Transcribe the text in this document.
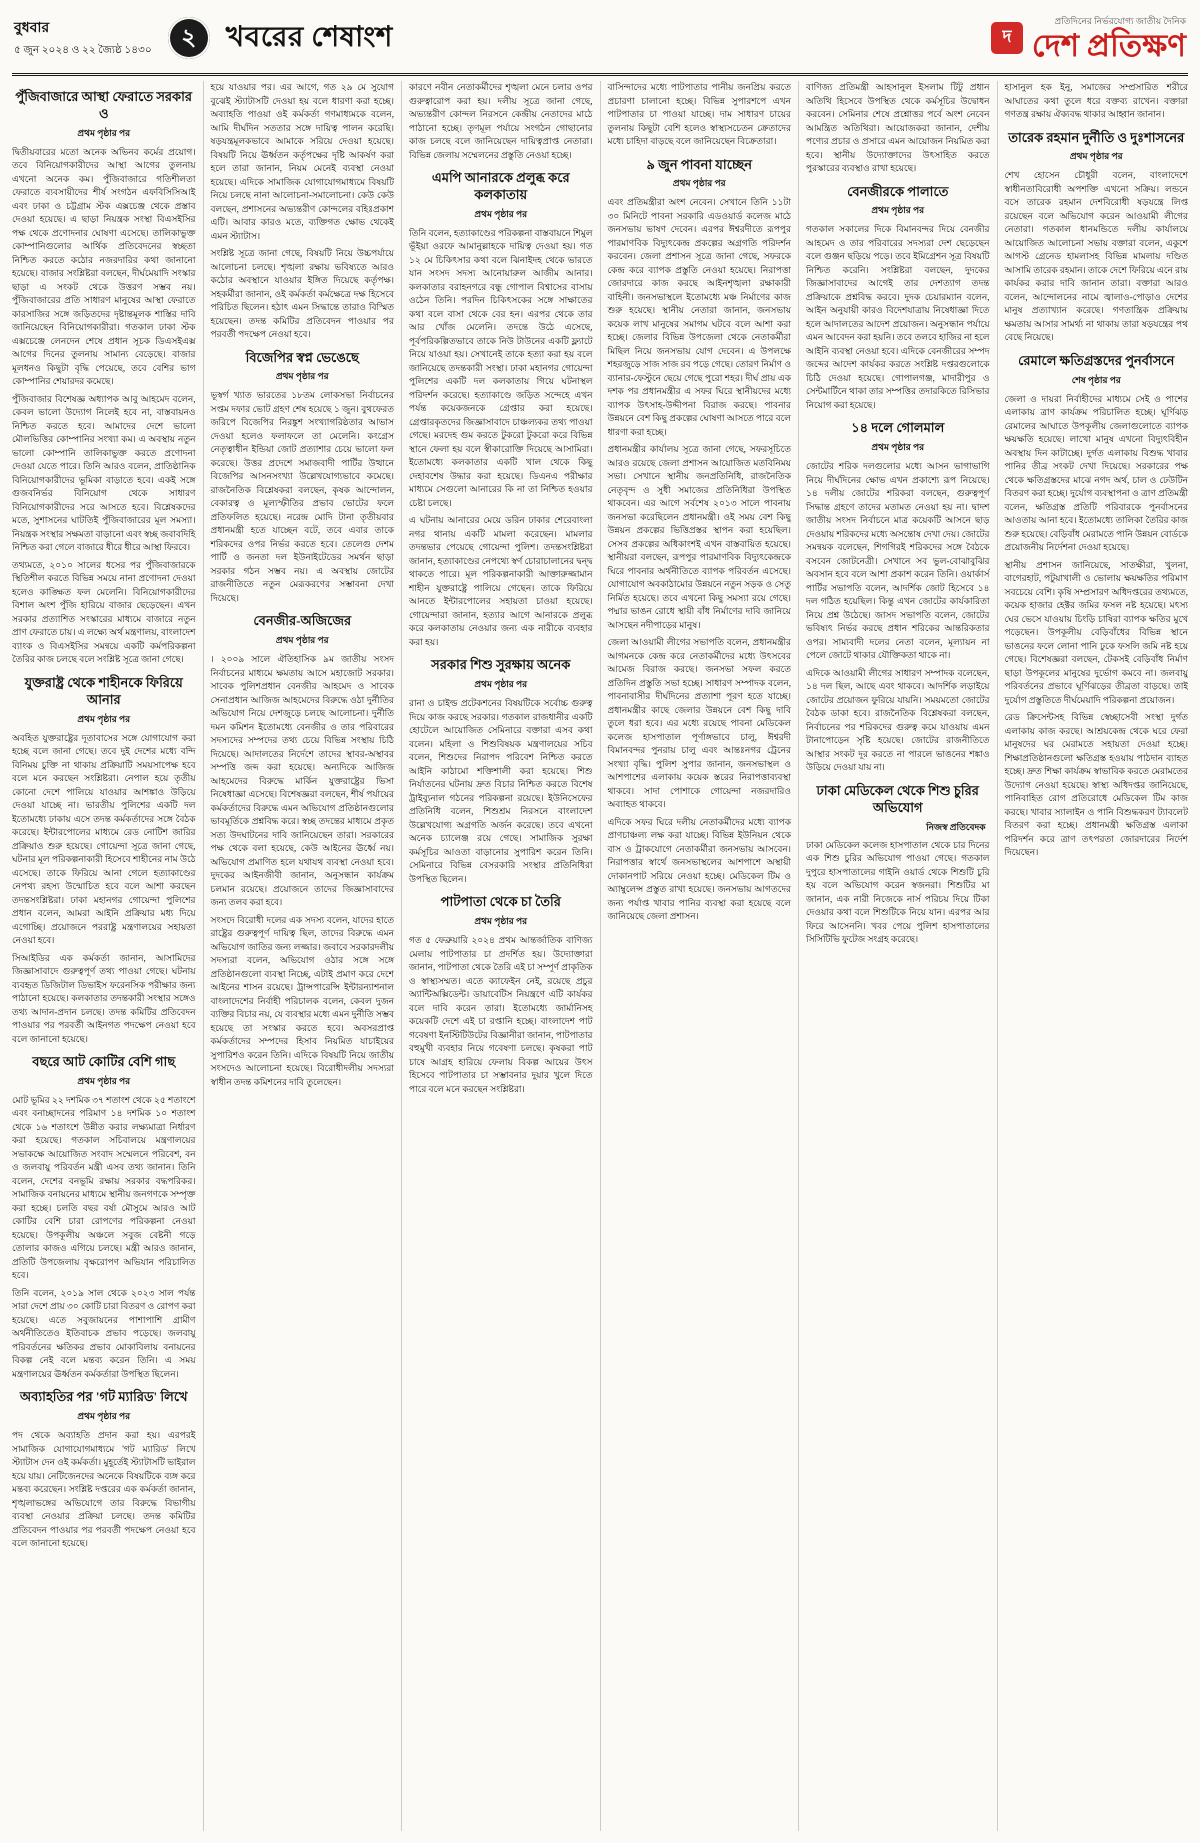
বুধবার
৫ জুন ২০২৪ ও ২২ জ্যৈষ্ঠ ১৪৩০
২ খবরের শেষাংশ	দ
প্রতিদিনের নির্ভরযোগ্য জাতীয় দৈনিক
দেশ প্রতিক্ষণ
পুঁজিবাজারে আস্থা ফেরাতে সরকার ও
প্রথম পৃষ্ঠার পর
দ্বিতীয়বারের মতো অনেক অভিনব কর্মের প্রয়োগ। তবে বিনিয়োগকারীদের আস্থা আগের তুলনায় এখনো অনেক কম। পুঁজিবাজারে গতিশীলতা ফেরাতে ব্যবসায়ীদের শীর্ষ সংগঠন এফবিসিসিআই এবং ঢাকা ও চট্টগ্রাম স্টক এক্সচেঞ্জ থেকে প্রস্তাব দেওয়া হয়েছে। এ ছাড়া নিয়ন্ত্রক সংস্থা বিএসইসির পক্ষ থেকে প্রণোদনার ঘোষণা এসেছে। তালিকাভুক্ত কোম্পানিগুলোর আর্থিক প্রতিবেদনের স্বচ্ছতা নিশ্চিত করতে কঠোর নজরদারির কথা জানানো হয়েছে। বাজার সংশ্লিষ্টরা বলছেন, দীর্ঘমেয়াদি সংস্কার ছাড়া এ সংকট থেকে উত্তরণ সম্ভব নয়। পুঁজিবাজারের প্রতি সাধারণ মানুষের আস্থা ফেরাতে কারসাজির সঙ্গে জড়িতদের দৃষ্টান্তমূলক শাস্তির দাবি জানিয়েছেন বিনিয়োগকারীরা। গতকাল ঢাকা স্টক এক্সচেঞ্জে লেনদেন শেষে প্রধান সূচক ডিএসইএক্স আগের দিনের তুলনায় সামান্য বেড়েছে। বাজার মূলধনও কিছুটা বৃদ্ধি পেয়েছে, তবে বেশির ভাগ কোম্পানির শেয়ারদর কমেছে।
পুঁজিবাজার বিশেষজ্ঞ অধ্যাপক আবু আহমেদ বলেন, কেবল ভালো উদ্যোগ নিলেই হবে না, বাস্তবায়নও নিশ্চিত করতে হবে। আমাদের দেশে ভালো মৌলভিত্তির কোম্পানির সংখ্যা কম। এ অবস্থায় নতুন ভালো কোম্পানি তালিকাভুক্ত করতে প্রণোদনা দেওয়া যেতে পারে। তিনি আরও বলেন, প্রাতিষ্ঠানিক বিনিয়োগকারীদের ভূমিকা বাড়াতে হবে। একই সঙ্গে গুজবনির্ভর বিনিয়োগ থেকে সাধারণ বিনিয়োগকারীদের সরে আসতে হবে। বিশ্লেষকদের মতে, সুশাসনের ঘাটতিই পুঁজিবাজারের মূল সমস্যা। নিয়ন্ত্রক সংস্থার সক্ষমতা বাড়ানো এবং স্বচ্ছ জবাবদিহি নিশ্চিত করা গেলে বাজারে ধীরে ধীরে আস্থা ফিরবে।
তথ্যমতে, ২০১০ সালের ধসের পর পুঁজিবাজারকে স্থিতিশীল করতে বিভিন্ন সময়ে নানা প্রণোদনা দেওয়া হলেও কাঙ্ক্ষিত ফল মেলেনি। বিনিয়োগকারীদের বিশাল অংশ পুঁজি হারিয়ে বাজার ছেড়েছেন। এখন সরকার প্রত্যাশিত সংস্কারের মাধ্যমে বাজারে নতুন প্রাণ ফেরাতে চায়। এ লক্ষ্যে অর্থ মন্ত্রণালয়, বাংলাদেশ ব্যাংক ও বিএসইসির সমন্বয়ে একটি কর্মপরিকল্পনা তৈরির কাজ চলছে বলে সংশ্লিষ্ট সূত্রে জানা গেছে।
যুক্তরাষ্ট্র থেকে শাহীনকে ফিরিয়ে আনার
প্রথম পৃষ্ঠার পর
অবহিত যুক্তরাষ্ট্রের দূতাবাসের সঙ্গে যোগাযোগ করা হচ্ছে বলে জানা গেছে। তবে দুই দেশের মধ্যে বন্দি বিনিময় চুক্তি না থাকায় প্রক্রিয়াটি সময়সাপেক্ষ হবে বলে মনে করছেন সংশ্লিষ্টরা। নেপাল হয়ে তৃতীয় কোনো দেশে পালিয়ে যাওয়ার আশঙ্কাও উড়িয়ে দেওয়া যাচ্ছে না। ভারতীয় পুলিশের একটি দল ইতোমধ্যে ঢাকায় এসে তদন্ত কর্মকর্তাদের সঙ্গে বৈঠক করেছে। ইন্টারপোলের মাধ্যমে রেড নোটিশ জারির প্রক্রিয়াও শুরু হয়েছে। গোয়েন্দা সূত্রে জানা গেছে, ঘটনার মূল পরিকল্পনাকারী হিসেবে শাহীনের নাম উঠে এসেছে। তাকে ফিরিয়ে আনা গেলে হত্যাকাণ্ডের নেপথ্য রহস্য উন্মোচিত হবে বলে আশা করছেন তদন্তসংশ্লিষ্টরা। ঢাকা মহানগর গোয়েন্দা পুলিশের প্রধান বলেন, আমরা আইনি প্রক্রিয়ার মধ্য দিয়ে এগোচ্ছি। প্রয়োজনে পররাষ্ট্র মন্ত্রণালয়ের সহায়তা নেওয়া হবে।
সিআইডির এক কর্মকর্তা জানান, আসামিদের জিজ্ঞাসাবাদে গুরুত্বপূর্ণ তথ্য পাওয়া গেছে। ঘটনায় ব্যবহৃত ডিজিটাল ডিভাইস ফরেনসিক পরীক্ষার জন্য পাঠানো হয়েছে। কলকাতার তদন্তকারী সংস্থার সঙ্গেও তথ্য আদান-প্রদান চলছে। তদন্ত কমিটির প্রতিবেদন পাওয়ার পর পরবর্তী আইনগত পদক্ষেপ নেওয়া হবে বলে জানানো হয়েছে।
বছরে আট কোটির বেশি গাছ
প্রথম পৃষ্ঠার পর
মোট ভূমির ২২ দশমিক ৩৭ শতাংশ থেকে ২৫ শতাংশে এবং বনাচ্ছাদনের পরিমাণ ১৪ দশমিক ১০ শতাংশ থেকে ১৬ শতাংশে উন্নীত করার লক্ষ্যমাত্রা নির্ধারণ করা হয়েছে। গতকাল সচিবালয়ে মন্ত্রণালয়ের সভাকক্ষে আয়োজিত সংবাদ সম্মেলনে পরিবেশ, বন ও জলবায়ু পরিবর্তন মন্ত্রী এসব তথ্য জানান। তিনি বলেন, দেশের বনভূমি রক্ষায় সরকার বদ্ধপরিকর। সামাজিক বনায়নের মাধ্যমে স্থানীয় জনগণকে সম্পৃক্ত করা হচ্ছে। চলতি বছর বর্ষা মৌসুমে আরও আট কোটির বেশি চারা রোপণের পরিকল্পনা নেওয়া হয়েছে। উপকূলীয় অঞ্চলে সবুজ বেষ্টনী গড়ে তোলার কাজও এগিয়ে চলছে। মন্ত্রী আরও জানান, প্রতিটি উপজেলায় বৃক্ষরোপণ অভিযান পরিচালিত হবে।
তিনি বলেন, ২০১৯ সাল থেকে ২০২৩ সাল পর্যন্ত সারা দেশে প্রায় ৩০ কোটি চারা বিতরণ ও রোপণ করা হয়েছে। এতে সবুজায়নের পাশাপাশি গ্রামীণ অর্থনীতিতেও ইতিবাচক প্রভাব পড়েছে। জলবায়ু পরিবর্তনের ক্ষতিকর প্রভাব মোকাবিলায় বনায়নের বিকল্প নেই বলে মন্তব্য করেন তিনি। এ সময় মন্ত্রণালয়ের ঊর্ধ্বতন কর্মকর্তারা উপস্থিত ছিলেন।
অব্যাহতির পর 'গট ম্যারিড' লিখে
প্রথম পৃষ্ঠার পর
পদ থেকে অব্যাহতি প্রদান করা হয়। এরপরই সামাজিক যোগাযোগমাধ্যমে 'গট ম্যারিড' লিখে স্ট্যাটাস দেন ওই কর্মকর্তা। মুহূর্তেই স্ট্যাটাসটি ভাইরাল হয়ে যায়। নেটিজেনদের অনেকে বিষয়টিকে ব্যঙ্গ করে মন্তব্য করেছেন। সংশ্লিষ্ট দপ্তরের এক কর্মকর্তা জানান, শৃঙ্খলাভঙ্গের অভিযোগে তার বিরুদ্ধে বিভাগীয় ব্যবস্থা নেওয়ার প্রক্রিয়া চলছে। তদন্ত কমিটির প্রতিবেদন পাওয়ার পর পরবর্তী পদক্ষেপ নেওয়া হবে বলে জানানো হয়েছে।
হয়ে যাওয়ার পর। এর আগে, গত ২৯ মে সুযোগ বুঝেই স্ট্যাটাসটি দেওয়া হয় বলে ধারণা করা হচ্ছে। অব্যাহতি পাওয়া ওই কর্মকর্তা গণমাধ্যমকে বলেন, আমি দীর্ঘদিন সততার সঙ্গে দায়িত্ব পালন করেছি। ষড়যন্ত্রমূলকভাবে আমাকে সরিয়ে দেওয়া হয়েছে। বিষয়টি নিয়ে ঊর্ধ্বতন কর্তৃপক্ষের দৃষ্টি আকর্ষণ করা হলে তারা জানান, নিয়ম মেনেই ব্যবস্থা নেওয়া হয়েছে। এদিকে সামাজিক যোগাযোগমাধ্যমে বিষয়টি নিয়ে চলছে নানা আলোচনা-সমালোচনা। কেউ কেউ বলছেন, প্রশাসনের অভ্যন্তরীণ কোন্দলের বহিঃপ্রকাশ এটি। আবার কারও মতে, ব্যক্তিগত ক্ষোভ থেকেই এমন স্ট্যাটাস।
সংশ্লিষ্ট সূত্রে জানা গেছে, বিষয়টি নিয়ে উচ্চপর্যায়ে আলোচনা চলছে। শৃঙ্খলা রক্ষায় ভবিষ্যতে আরও কঠোর অবস্থানে যাওয়ার ইঙ্গিত দিয়েছে কর্তৃপক্ষ। সহকর্মীরা জানান, ওই কর্মকর্তা কর্মক্ষেত্রে দক্ষ হিসেবে পরিচিত ছিলেন। হঠাৎ এমন সিদ্ধান্তে তারাও বিস্মিত হয়েছেন। তদন্ত কমিটির প্রতিবেদন পাওয়ার পর পরবর্তী পদক্ষেপ নেওয়া হবে।
বিজেপির স্বপ্ন ভেঙেছে
প্রথম পৃষ্ঠার পর
ভূস্বর্গ খ্যাত ভারতের ১৮তম লোকসভা নির্বাচনের সপ্তম দফার ভোট গ্রহণ শেষ হয়েছে ১ জুন। বুথফেরত জরিপে বিজেপির নিরঙ্কুশ সংখ্যাগরিষ্ঠতার আভাস দেওয়া হলেও ফলাফলে তা মেলেনি। কংগ্রেস নেতৃত্বাধীন ইন্ডিয়া জোট প্রত্যাশার চেয়ে ভালো ফল করেছে। উত্তর প্রদেশে সমাজবাদী পার্টির উত্থানে বিজেপির আসনসংখ্যা উল্লেখযোগ্যভাবে কমেছে। রাজনৈতিক বিশ্লেষকরা বলছেন, কৃষক আন্দোলন, বেকারত্ব ও মূল্যস্ফীতির প্রভাব ভোটের ফলে প্রতিফলিত হয়েছে। নরেন্দ্র মোদি টানা তৃতীয়বার প্রধানমন্ত্রী হতে যাচ্ছেন বটে, তবে এবার তাকে শরিকদের ওপর নির্ভর করতে হবে। তেলেগু দেশম পার্টি ও জনতা দল ইউনাইটেডের সমর্থন ছাড়া সরকার গঠন সম্ভব নয়। এ অবস্থায় জোটের রাজনীতিতে নতুন মেরূকরণের সম্ভাবনা দেখা দিয়েছে।
বেনজীর-অজিজের
প্রথম পৃষ্ঠার পর
। ২০০৯ সালে ঐতিহাসিক ৯ম জাতীয় সংসদ নির্বাচনের মাধ্যমে ক্ষমতায় আসে মহাজোট সরকার। সাবেক পুলিশপ্রধান বেনজীর আহমেদ ও সাবেক সেনাপ্রধান আজিজ আহমেদের বিরুদ্ধে ওঠা দুর্নীতির অভিযোগ নিয়ে দেশজুড়ে চলছে আলোচনা। দুর্নীতি দমন কমিশন ইতোমধ্যে বেনজীর ও তার পরিবারের সদস্যদের সম্পদের তথ্য চেয়ে বিভিন্ন সংস্থায় চিঠি দিয়েছে। আদালতের নির্দেশে তাদের স্থাবর-অস্থাবর সম্পত্তি জব্দ করা হয়েছে। অন্যদিকে আজিজ আহমেদের বিরুদ্ধে মার্কিন যুক্তরাষ্ট্রের ভিসা নিষেধাজ্ঞা এসেছে। বিশেষজ্ঞরা বলছেন, শীর্ষ পর্যায়ের কর্মকর্তাদের বিরুদ্ধে এমন অভিযোগ প্রতিষ্ঠানগুলোর ভাবমূর্তিকে প্রশ্নবিদ্ধ করে। স্বচ্ছ তদন্তের মাধ্যমে প্রকৃত সত্য উদঘাটনের দাবি জানিয়েছেন তারা। সরকারের পক্ষ থেকে বলা হয়েছে, কেউ আইনের ঊর্ধ্বে নয়। অভিযোগ প্রমাণিত হলে যথাযথ ব্যবস্থা নেওয়া হবে। দুদকের আইনজীবী জানান, অনুসন্ধান কার্যক্রম চলমান রয়েছে। প্রয়োজনে তাদের জিজ্ঞাসাবাদের জন্য তলব করা হবে।
সংসদে বিরোধী দলের এক সদস্য বলেন, যাদের হাতে রাষ্ট্রের গুরুত্বপূর্ণ দায়িত্ব ছিল, তাদের বিরুদ্ধে এমন অভিযোগ জাতির জন্য লজ্জার। জবাবে সরকারদলীয় সদস্যরা বলেন, অভিযোগ ওঠার সঙ্গে সঙ্গে প্রতিষ্ঠানগুলো ব্যবস্থা নিচ্ছে, এটাই প্রমাণ করে দেশে আইনের শাসন রয়েছে। ট্রান্সপারেন্সি ইন্টারন্যাশনাল বাংলাদেশের নির্বাহী পরিচালক বলেন, কেবল দুজন ব্যক্তির বিচার নয়, যে ব্যবস্থার মধ্যে এমন দুর্নীতি সম্ভব হয়েছে তা সংস্কার করতে হবে। অবসরপ্রাপ্ত কর্মকর্তাদের সম্পদের হিসাব নিয়মিত যাচাইয়ের সুপারিশও করেন তিনি। এদিকে বিষয়টি নিয়ে জাতীয় সংসদেও আলোচনা হয়েছে। বিরোধীদলীয় সদস্যরা স্বাধীন তদন্ত কমিশনের দাবি তুলেছেন।
কারণে নবীন নেতাকর্মীদের শৃঙ্খলা মেনে চলার ওপর গুরুত্বারোপ করা হয়। দলীয় সূত্রে জানা গেছে, অভ্যন্তরীণ কোন্দল নিরসনে কেন্দ্রীয় নেতাদের মাঠে পাঠানো হচ্ছে। তৃণমূল পর্যায়ে সংগঠন গোছানোর কাজ চলছে বলে জানিয়েছেন দায়িত্বপ্রাপ্ত নেতারা। বিভিন্ন জেলায় সম্মেলনের প্রস্তুতি নেওয়া হচ্ছে।
এমপি আনারকে প্রলুব্ধ করে কলকাতায়
প্রথম পৃষ্ঠার পর
তিনি বলেন, হত্যাকাণ্ডের পরিকল্পনা বাস্তবায়নে শিমুল ভূঁইয়া ওরফে আমানুল্লাহকে দায়িত্ব দেওয়া হয়। গত ১২ মে চিকিৎসার কথা বলে ঝিনাইদহ থেকে ভারতে যান সংসদ সদস্য আনোয়ারুল আজীম আনার। কলকাতার বরাহনগরে বন্ধু গোপাল বিশ্বাসের বাসায় ওঠেন তিনি। পরদিন চিকিৎসকের সঙ্গে সাক্ষাতের কথা বলে বাসা থেকে বের হন। এরপর থেকে তার আর খোঁজ মেলেনি। তদন্তে উঠে এসেছে, পূর্বপরিকল্পিতভাবে তাকে নিউ টাউনের একটি ফ্ল্যাটে নিয়ে যাওয়া হয়। সেখানেই তাকে হত্যা করা হয় বলে জানিয়েছে তদন্তকারী সংস্থা। ঢাকা মহানগর গোয়েন্দা পুলিশের একটি দল কলকাতায় গিয়ে ঘটনাস্থল পরিদর্শন করেছে। হত্যাকাণ্ডে জড়িত সন্দেহে এখন পর্যন্ত কয়েকজনকে গ্রেপ্তার করা হয়েছে। গ্রেপ্তারকৃতদের জিজ্ঞাসাবাদে চাঞ্চল্যকর তথ্য পাওয়া গেছে। মরদেহ গুম করতে টুকরো টুকরো করে বিভিন্ন স্থানে ফেলা হয় বলে স্বীকারোক্তি দিয়েছে আসামিরা। ইতোমধ্যে কলকাতার একটি খাল থেকে কিছু দেহাবশেষ উদ্ধার করা হয়েছে। ডিএনএ পরীক্ষার মাধ্যমে সেগুলো আনারের কি না তা নিশ্চিত হওয়ার চেষ্টা চলছে।
এ ঘটনায় আনারের মেয়ে ডরিন ঢাকার শেরেবাংলা নগর থানায় একটি মামলা করেছেন। মামলার তদন্তভার পেয়েছে গোয়েন্দা পুলিশ। তদন্তসংশ্লিষ্টরা জানান, হত্যাকাণ্ডের নেপথ্যে স্বর্ণ চোরাচালানের দ্বন্দ্ব থাকতে পারে। মূল পরিকল্পনাকারী আক্তারুজ্জামান শাহীন যুক্তরাষ্ট্রে পালিয়ে গেছেন। তাকে ফিরিয়ে আনতে ইন্টারপোলের সহায়তা চাওয়া হয়েছে। গোয়েন্দারা জানান, হত্যার আগে আনারকে প্রলুব্ধ করে কলকাতায় নেওয়ার জন্য এক নারীকে ব্যবহার করা হয়।
সরকার শিশু সুরক্ষায় অনেক
প্রথম পৃষ্ঠার পর
রানা ও চাইল্ড প্রটেকশনের বিষয়টিকে সর্বোচ্চ গুরুত্ব দিয়ে কাজ করছে সরকার। গতকাল রাজধানীর একটি হোটেলে আয়োজিত সেমিনারে বক্তারা এসব কথা বলেন। মহিলা ও শিশুবিষয়ক মন্ত্রণালয়ের সচিব বলেন, শিশুদের নিরাপদ পরিবেশ নিশ্চিত করতে আইনি কাঠামো শক্তিশালী করা হয়েছে। শিশু নির্যাতনের ঘটনায় দ্রুত বিচার নিশ্চিত করতে বিশেষ ট্রাইব্যুনাল গঠনের পরিকল্পনা রয়েছে। ইউনিসেফের প্রতিনিধি বলেন, শিশুশ্রম নিরসনে বাংলাদেশ উল্লেখযোগ্য অগ্রগতি অর্জন করেছে। তবে এখনো অনেক চ্যালেঞ্জ রয়ে গেছে। সামাজিক সুরক্ষা কর্মসূচির আওতা বাড়ানোর সুপারিশ করেন তিনি। সেমিনারে বিভিন্ন বেসরকারি সংস্থার প্রতিনিধিরা উপস্থিত ছিলেন।
পাটপাতা থেকে চা তৈরি
প্রথম পৃষ্ঠার পর
গত ৫ ফেব্রুয়ারি ২০২৪ প্রথম আন্তর্জাতিক বাণিজ্য মেলায় পাটপাতার চা প্রদর্শিত হয়। উদ্যোক্তারা জানান, পাটপাতা থেকে তৈরি এই চা সম্পূর্ণ প্রাকৃতিক ও স্বাস্থ্যসম্মত। এতে ক্যাফেইন নেই, রয়েছে প্রচুর অ্যান্টিঅক্সিডেন্ট। ডায়াবেটিস নিয়ন্ত্রণে এটি কার্যকর বলে দাবি করেন তারা। ইতোমধ্যে জার্মানিসহ কয়েকটি দেশে এই চা রপ্তানি হচ্ছে। বাংলাদেশ পাট গবেষণা ইনস্টিটিউটের বিজ্ঞানীরা জানান, পাটপাতার বহুমুখী ব্যবহার নিয়ে গবেষণা চলছে। কৃষকরা পাট চাষে আগ্রহ হারিয়ে ফেলায় বিকল্প আয়ের উৎস হিসেবে পাটপাতার চা সম্ভাবনার দুয়ার খুলে দিতে পারে বলে মনে করছেন সংশ্লিষ্টরা।
বাসিন্দাদের মধ্যে পাটপাতার পানীয় জনপ্রিয় করতে প্রচারণা চালানো হচ্ছে। বিভিন্ন সুপারশপে এখন পাটপাতার চা পাওয়া যাচ্ছে। দাম সাধারণ চায়ের তুলনায় কিছুটা বেশি হলেও স্বাস্থ্যসচেতন ক্রেতাদের মধ্যে চাহিদা বাড়ছে বলে জানিয়েছেন বিক্রেতারা।
৯ জুন পাবনা যাচ্ছেন
প্রথম পৃষ্ঠার পর
এবং প্রতিমন্ত্রীরা অংশ নেবেন। সেখানে তিনি ১১টা ৩০ মিনিটে পাবনা সরকারি এডওয়ার্ড কলেজ মাঠে জনসভায় ভাষণ দেবেন। এরপর ঈশ্বরদীতে রূপপুর পারমাণবিক বিদ্যুৎকেন্দ্র প্রকল্পের অগ্রগতি পরিদর্শন করবেন। জেলা প্রশাসন সূত্রে জানা গেছে, সফরকে কেন্দ্র করে ব্যাপক প্রস্তুতি নেওয়া হয়েছে। নিরাপত্তা জোরদারে কাজ করছে আইনশৃঙ্খলা রক্ষাকারী বাহিনী। জনসভাস্থলে ইতোমধ্যে মঞ্চ নির্মাণের কাজ শুরু হয়েছে। স্থানীয় নেতারা জানান, জনসভায় কয়েক লাখ মানুষের সমাগম ঘটবে বলে আশা করা হচ্ছে। জেলার বিভিন্ন উপজেলা থেকে নেতাকর্মীরা মিছিল নিয়ে জনসভায় যোগ দেবেন। এ উপলক্ষে শহরজুড়ে সাজ সাজ রব পড়ে গেছে। তোরণ নির্মাণ ও ব্যানার-ফেস্টুনে ছেয়ে গেছে পুরো শহর। দীর্ঘ প্রায় এক দশক পর প্রধানমন্ত্রীর এ সফর ঘিরে স্থানীয়দের মধ্যে ব্যাপক উৎসাহ-উদ্দীপনা বিরাজ করছে। পাবনার উন্নয়নে বেশ কিছু প্রকল্পের ঘোষণা আসতে পারে বলে ধারণা করা হচ্ছে।
প্রধানমন্ত্রীর কার্যালয় সূত্রে জানা গেছে, সফরসূচিতে আরও রয়েছে জেলা প্রশাসন আয়োজিত মতবিনিময় সভা। সেখানে স্থানীয় জনপ্রতিনিধি, রাজনৈতিক নেতৃবৃন্দ ও সুধী সমাজের প্রতিনিধিরা উপস্থিত থাকবেন। এর আগে সর্বশেষ ২০১৩ সালে পাবনায় জনসভা করেছিলেন প্রধানমন্ত্রী। ওই সময় বেশ কিছু উন্নয়ন প্রকল্পের ভিত্তিপ্রস্তর স্থাপন করা হয়েছিল। সেসব প্রকল্পের অধিকাংশই এখন বাস্তবায়িত হয়েছে। স্থানীয়রা বলছেন, রূপপুর পারমাণবিক বিদ্যুৎকেন্দ্রকে ঘিরে পাবনার অর্থনীতিতে ব্যাপক পরিবর্তন এসেছে। যোগাযোগ অবকাঠামোর উন্নয়নে নতুন সড়ক ও সেতু নির্মিত হয়েছে। তবে এখনো কিছু সমস্যা রয়ে গেছে। পদ্মার ভাঙন রোধে স্থায়ী বাঁধ নির্মাণের দাবি জানিয়ে আসছেন নদীপাড়ের মানুষ।
জেলা আওয়ামী লীগের সভাপতি বলেন, প্রধানমন্ত্রীর আগমনকে কেন্দ্র করে নেতাকর্মীদের মধ্যে উৎসবের আমেজ বিরাজ করছে। জনসভা সফল করতে প্রতিদিন প্রস্তুতি সভা হচ্ছে। সাধারণ সম্পাদক বলেন, পাবনাবাসীর দীর্ঘদিনের প্রত্যাশা পূরণ হতে যাচ্ছে। প্রধানমন্ত্রীর কাছে জেলার উন্নয়নে বেশ কিছু দাবি তুলে ধরা হবে। এর মধ্যে রয়েছে পাবনা মেডিকেল কলেজ হাসপাতাল পূর্ণাঙ্গভাবে চালু, ঈশ্বরদী বিমানবন্দর পুনরায় চালু এবং আন্তঃনগর ট্রেনের সংখ্যা বৃদ্ধি। পুলিশ সুপার জানান, জনসভাস্থল ও আশপাশের এলাকায় কয়েক স্তরের নিরাপত্তাব্যবস্থা থাকবে। সাদা পোশাকে গোয়েন্দা নজরদারিও অব্যাহত থাকবে।
এদিকে সফর ঘিরে দলীয় নেতাকর্মীদের মধ্যে ব্যাপক প্রাণচাঞ্চল্য লক্ষ করা যাচ্ছে। বিভিন্ন ইউনিয়ন থেকে বাস ও ট্রাকযোগে নেতাকর্মীরা জনসভায় আসবেন। নিরাপত্তার স্বার্থে জনসভাস্থলের আশপাশে অস্থায়ী দোকানপাট সরিয়ে নেওয়া হচ্ছে। মেডিকেল টিম ও অ্যাম্বুলেন্স প্রস্তুত রাখা হয়েছে। জনসভায় আগতদের জন্য পর্যাপ্ত খাবার পানির ব্যবস্থা করা হয়েছে বলে জানিয়েছে জেলা প্রশাসন।
বাণিজ্য প্রতিমন্ত্রী আহসানুল ইসলাম টিটু প্রধান অতিথি হিসেবে উপস্থিত থেকে কর্মসূচির উদ্বোধন করবেন। সেমিনার শেষে প্রশ্নোত্তর পর্বে অংশ নেবেন আমন্ত্রিত অতিথিরা। আয়োজকরা জানান, দেশীয় পণ্যের প্রচার ও প্রসারে এমন আয়োজন নিয়মিত করা হবে। স্থানীয় উদ্যোক্তাদের উৎসাহিত করতে পুরস্কারের ব্যবস্থাও রাখা হয়েছে।
বেনজীরকে পালাতে
প্রথম পৃষ্ঠার পর
গতকাল সকালের দিকে বিমানবন্দর দিয়ে বেনজীর আহমেদ ও তার পরিবারের সদস্যরা দেশ ছেড়েছেন বলে গুঞ্জন ছড়িয়ে পড়ে। তবে ইমিগ্রেশন সূত্র বিষয়টি নিশ্চিত করেনি। সংশ্লিষ্টরা বলছেন, দুদকের জিজ্ঞাসাবাদের আগেই তার দেশত্যাগ তদন্ত প্রক্রিয়াকে প্রশ্নবিদ্ধ করবে। দুদক চেয়ারম্যান বলেন, আইন অনুযায়ী কারও বিদেশযাত্রায় নিষেধাজ্ঞা দিতে হলে আদালতের আদেশ প্রয়োজন। অনুসন্ধান পর্যায়ে এমন আবেদন করা হয়নি। তবে তলবে হাজির না হলে আইনি ব্যবস্থা নেওয়া হবে। এদিকে বেনজীরের সম্পদ জব্দের আদেশ কার্যকর করতে সংশ্লিষ্ট দপ্তরগুলোকে চিঠি দেওয়া হয়েছে। গোপালগঞ্জ, মাদারীপুর ও সেন্টমার্টিনে থাকা তার সম্পত্তির তদারকিতে রিসিভার নিয়োগ করা হয়েছে।
১৪ দলে গোলমাল
প্রথম পৃষ্ঠার পর
জোটের শরিক দলগুলোর মধ্যে আসন ভাগাভাগি নিয়ে দীর্ঘদিনের ক্ষোভ এখন প্রকাশ্যে রূপ নিয়েছে। ১৪ দলীয় জোটের শরিকরা বলছেন, গুরুত্বপূর্ণ সিদ্ধান্ত গ্রহণে তাদের মতামত নেওয়া হয় না। দ্বাদশ জাতীয় সংসদ নির্বাচনে মাত্র কয়েকটি আসনে ছাড় দেওয়ায় শরিকদের মধ্যে অসন্তোষ দেখা দেয়। জোটের সমন্বয়ক বলেছেন, শিগগিরই শরিকদের সঙ্গে বৈঠকে বসবেন জোটনেত্রী। সেখানে সব ভুল-বোঝাবুঝির অবসান হবে বলে আশা প্রকাশ করেন তিনি। ওয়ার্কার্স পার্টির সভাপতি বলেন, আদর্শিক জোট হিসেবে ১৪ দল গঠিত হয়েছিল। কিন্তু এখন জোটের কার্যকারিতা নিয়ে প্রশ্ন উঠেছে। জাসদ সভাপতি বলেন, জোটের ভবিষ্যৎ নির্ভর করছে প্রধান শরিকের আন্তরিকতার ওপর। সাম্যবাদী দলের নেতা বলেন, মূল্যায়ন না পেলে জোটে থাকার যৌক্তিকতা থাকে না।
এদিকে আওয়ামী লীগের সাধারণ সম্পাদক বলেছেন, ১৪ দল ছিল, আছে এবং থাকবে। আদর্শিক লড়াইয়ে জোটের প্রয়োজন ফুরিয়ে যায়নি। সময়মতো জোটের বৈঠক ডাকা হবে। রাজনৈতিক বিশ্লেষকরা বলছেন, নির্বাচনের পর শরিকদের গুরুত্ব কমে যাওয়ায় এমন টানাপোড়েন সৃষ্টি হয়েছে। জোটের রাজনীতিতে আস্থার সংকট দূর করতে না পারলে ভাঙনের শঙ্কাও উড়িয়ে দেওয়া যায় না।
ঢাকা মেডিকেল থেকে শিশু চুরির অভিযোগ
নিজস্ব প্রতিবেদক
ঢাকা মেডিকেল কলেজ হাসপাতাল থেকে চার দিনের এক শিশু চুরির অভিযোগ পাওয়া গেছে। গতকাল দুপুরে হাসপাতালের গাইনি ওয়ার্ড থেকে শিশুটি চুরি হয় বলে অভিযোগ করেন স্বজনরা। শিশুটির মা জানান, এক নারী নিজেকে নার্স পরিচয় দিয়ে টিকা দেওয়ার কথা বলে শিশুটিকে নিয়ে যান। এরপর আর ফিরে আসেননি। খবর পেয়ে পুলিশ হাসপাতালের সিসিটিভি ফুটেজ সংগ্রহ করেছে।
হাসানুল হক ইনু, সমাজের সম্প্রসারিত শরীরে আঘাতের কথা তুলে ধরে বক্তব্য রাখেন। বক্তারা গণতন্ত্র রক্ষায় ঐক্যবদ্ধ থাকার আহ্বান জানান।
তারেক রহমান দুর্নীতি ও দুঃশাসনের
প্রথম পৃষ্ঠার পর
শেখ হোসেন চৌধুরী বলেন, বাংলাদেশে স্বাধীনতাবিরোধী অপশক্তি এখনো সক্রিয়। লন্ডনে বসে তারেক রহমান দেশবিরোধী ষড়যন্ত্রে লিপ্ত রয়েছেন বলে অভিযোগ করেন আওয়ামী লীগের নেতারা। গতকাল ধানমন্ডিতে দলীয় কার্যালয়ে আয়োজিত আলোচনা সভায় বক্তারা বলেন, একুশে আগস্ট গ্রেনেড হামলাসহ বিভিন্ন মামলায় দণ্ডিত আসামি তারেক রহমান। তাকে দেশে ফিরিয়ে এনে রায় কার্যকর করার দাবি জানান তারা। বক্তারা আরও বলেন, আন্দোলনের নামে জ্বালাও-পোড়াও দেশের মানুষ প্রত্যাখ্যান করেছে। গণতান্ত্রিক প্রক্রিয়ায় ক্ষমতায় আসার সামর্থ্য না থাকায় তারা ষড়যন্ত্রের পথ বেছে নিয়েছে।
রেমালে ক্ষতিগ্রস্তদের পুনর্বাসনে
শেষ পৃষ্ঠার পর
জেলা ও দায়রা নির্বাহীদের মাধ্যমে সেই ও পাশের এলাকায় ত্রাণ কার্যক্রম পরিচালিত হচ্ছে। ঘূর্ণিঝড় রেমালের আঘাতে উপকূলীয় জেলাগুলোতে ব্যাপক ক্ষয়ক্ষতি হয়েছে। লাখো মানুষ এখনো বিদ্যুৎবিহীন অবস্থায় দিন কাটাচ্ছে। দুর্গত এলাকায় বিশুদ্ধ খাবার পানির তীব্র সংকট দেখা দিয়েছে। সরকারের পক্ষ থেকে ক্ষতিগ্রস্তদের মাঝে নগদ অর্থ, চাল ও ঢেউটিন বিতরণ করা হচ্ছে। দুর্যোগ ব্যবস্থাপনা ও ত্রাণ প্রতিমন্ত্রী বলেন, ক্ষতিগ্রস্ত প্রতিটি পরিবারকে পুনর্বাসনের আওতায় আনা হবে। ইতোমধ্যে তালিকা তৈরির কাজ শুরু হয়েছে। বেড়িবাঁধ মেরামতে পানি উন্নয়ন বোর্ডকে প্রয়োজনীয় নির্দেশনা দেওয়া হয়েছে।
স্থানীয় প্রশাসন জানিয়েছে, সাতক্ষীরা, খুলনা, বাগেরহাট, পটুয়াখালী ও ভোলায় ক্ষয়ক্ষতির পরিমাণ সবচেয়ে বেশি। কৃষি সম্প্রসারণ অধিদপ্তরের তথ্যমতে, কয়েক হাজার হেক্টর জমির ফসল নষ্ট হয়েছে। মৎস্য ঘের ভেসে যাওয়ায় চিংড়ি চাষিরা ব্যাপক ক্ষতির মুখে পড়েছেন। উপকূলীয় বেড়িবাঁধের বিভিন্ন স্থানে ভাঙনের ফলে লোনা পানি ঢুকে ফসলি জমি নষ্ট হয়ে গেছে। বিশেষজ্ঞরা বলছেন, টেকসই বেড়িবাঁধ নির্মাণ ছাড়া উপকূলের মানুষের দুর্ভোগ কমবে না। জলবায়ু পরিবর্তনের প্রভাবে ঘূর্ণিঝড়ের তীব্রতা বাড়ছে। তাই দুর্যোগ প্রস্তুতিতে দীর্ঘমেয়াদি পরিকল্পনা প্রয়োজন।
রেড ক্রিসেন্টসহ বিভিন্ন স্বেচ্ছাসেবী সংস্থা দুর্গত এলাকায় কাজ করছে। আশ্রয়কেন্দ্র থেকে ঘরে ফেরা মানুষদের ঘর মেরামতে সহায়তা দেওয়া হচ্ছে। শিক্ষাপ্রতিষ্ঠানগুলো ক্ষতিগ্রস্ত হওয়ায় পাঠদান ব্যাহত হচ্ছে। দ্রুত শিক্ষা কার্যক্রম স্বাভাবিক করতে মেরামতের উদ্যোগ নেওয়া হয়েছে। স্বাস্থ্য অধিদপ্তর জানিয়েছে, পানিবাহিত রোগ প্রতিরোধে মেডিকেল টিম কাজ করছে। খাবার স্যালাইন ও পানি বিশুদ্ধকরণ ট্যাবলেট বিতরণ করা হচ্ছে। প্রধানমন্ত্রী ক্ষতিগ্রস্ত এলাকা পরিদর্শন করে ত্রাণ তৎপরতা জোরদারের নির্দেশ দিয়েছেন।
